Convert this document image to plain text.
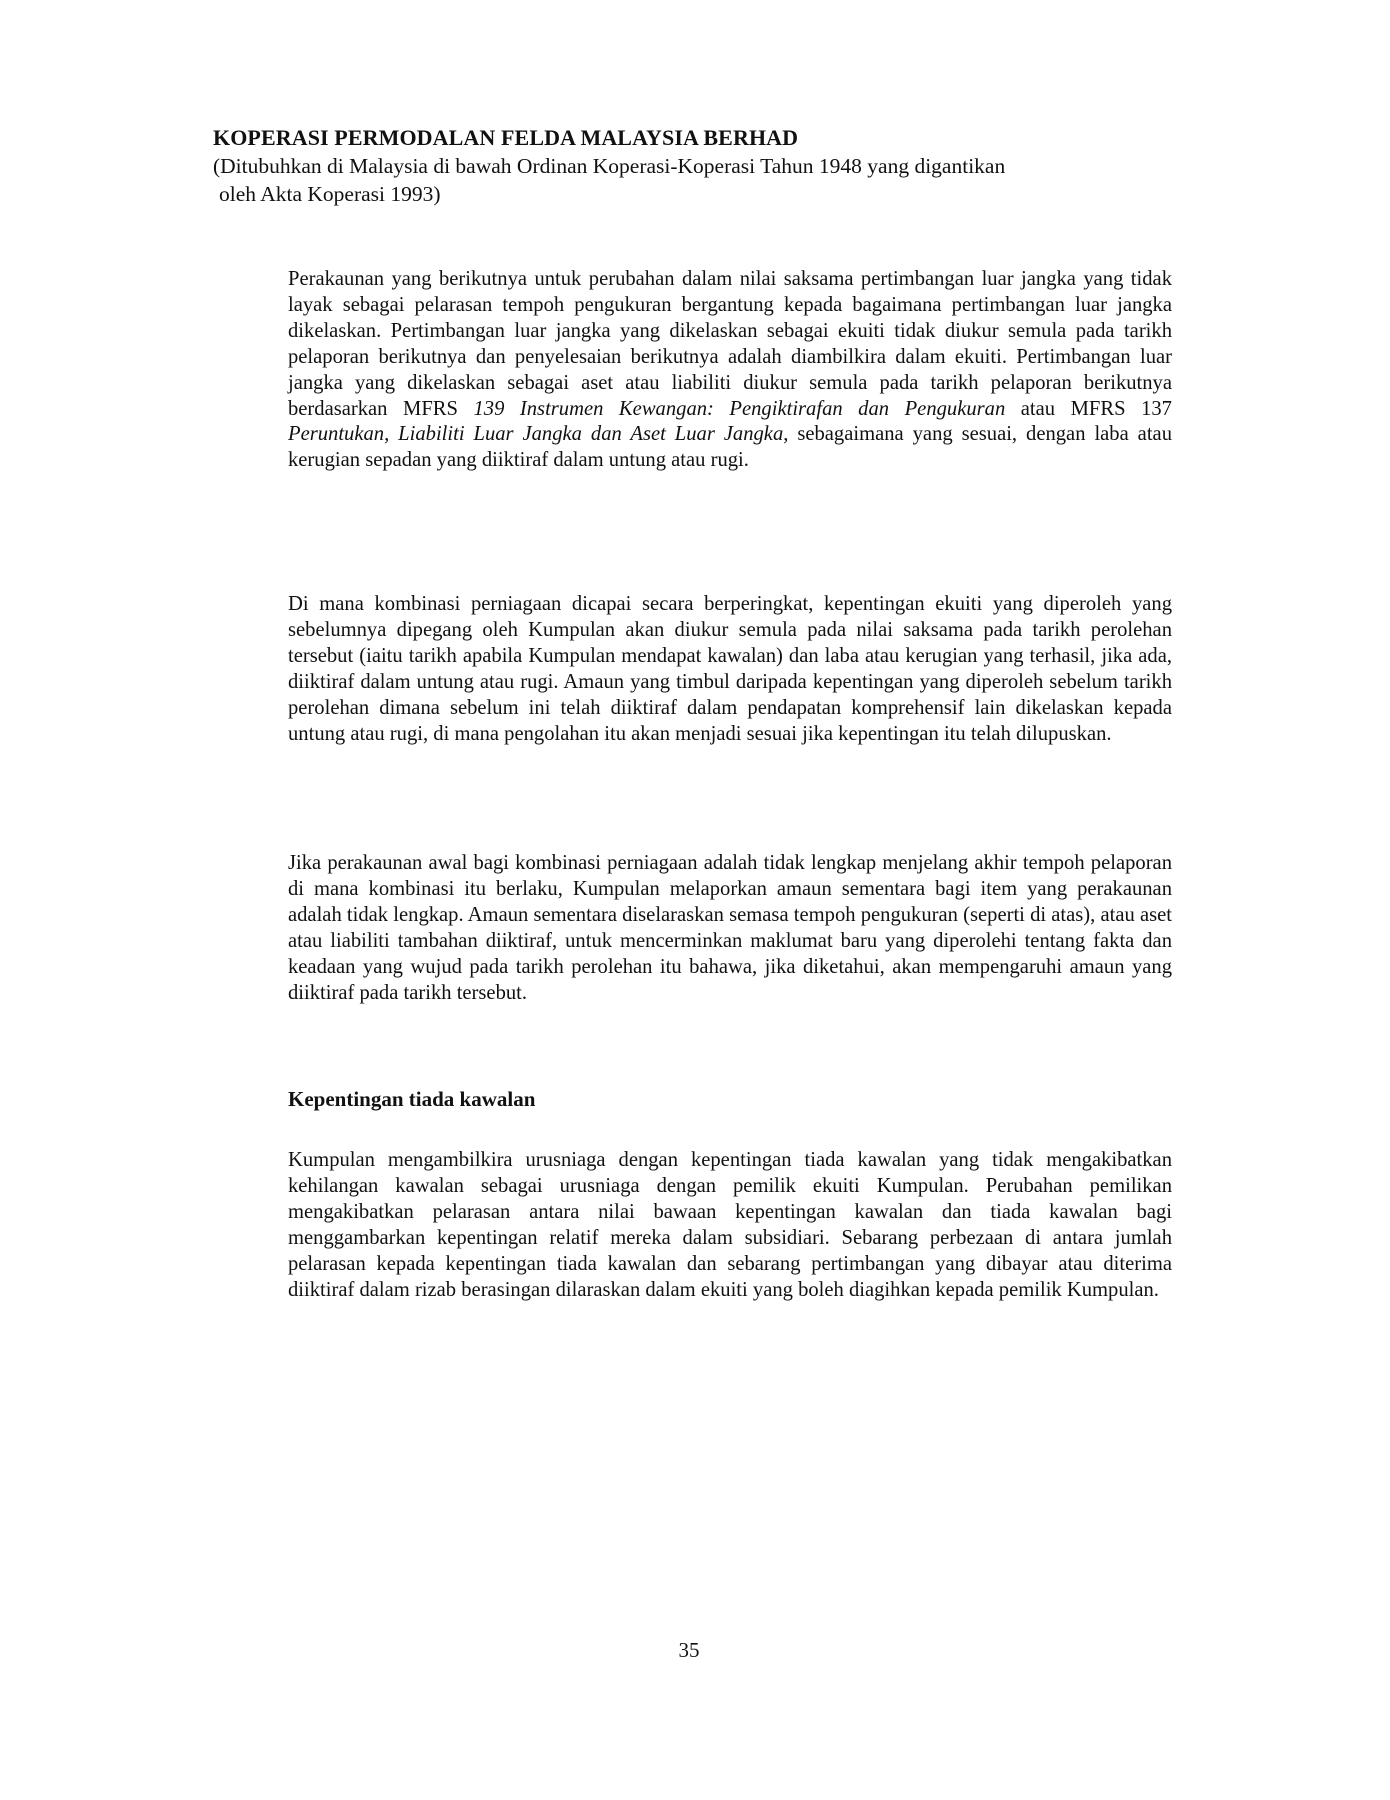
KOPERASI PERMODALAN FELDA MALAYSIA BERHAD
(Ditubuhkan di Malaysia di bawah Ordinan Koperasi-Koperasi Tahun 1948 yang digantikan
oleh Akta Koperasi 1993)

Perakaunan yang berikutnya untuk perubahan dalam nilai saksama pertimbangan luar jangka yang tidak layak sebagai pelarasan tempoh pengukuran bergantung kepada bagaimana pertimbangan luar jangka dikelaskan. Pertimbangan luar jangka yang dikelaskan sebagai ekuiti tidak diukur semula pada tarikh pelaporan berikutnya dan penyelesaian berikutnya adalah diambilkira dalam ekuiti. Pertimbangan luar jangka yang dikelaskan sebagai aset atau liabiliti diukur semula pada tarikh pelaporan berikutnya berdasarkan MFRS 139 Instrumen Kewangan: Pengiktirafan dan Pengukuran atau MFRS 137 Peruntukan, Liabiliti Luar Jangka dan Aset Luar Jangka, sebagaimana yang sesuai, dengan laba atau kerugian sepadan yang diiktiraf dalam untung atau rugi.

Di mana kombinasi perniagaan dicapai secara berperingkat, kepentingan ekuiti yang diperoleh yang sebelumnya dipegang oleh Kumpulan akan diukur semula pada nilai saksama pada tarikh perolehan tersebut (iaitu tarikh apabila Kumpulan mendapat kawalan) dan laba atau kerugian yang terhasil, jika ada, diiktiraf dalam untung atau rugi. Amaun yang timbul daripada kepentingan yang diperoleh sebelum tarikh perolehan dimana sebelum ini telah diiktiraf dalam pendapatan komprehensif lain dikelaskan kepada untung atau rugi, di mana pengolahan itu akan menjadi sesuai jika kepentingan itu telah dilupuskan.

Jika perakaunan awal bagi kombinasi perniagaan adalah tidak lengkap menjelang akhir tempoh pelaporan di mana kombinasi itu berlaku, Kumpulan melaporkan amaun sementara bagi item yang perakaunan adalah tidak lengkap. Amaun sementara diselaraskan semasa tempoh pengukuran (seperti di atas), atau aset atau liabiliti tambahan diiktiraf, untuk mencerminkan maklumat baru yang diperolehi tentang fakta dan keadaan yang wujud pada tarikh perolehan itu bahawa, jika diketahui, akan mempengaruhi amaun yang diiktiraf pada tarikh tersebut.

Kepentingan tiada kawalan

Kumpulan mengambilkira urusniaga dengan kepentingan tiada kawalan yang tidak mengakibatkan kehilangan kawalan sebagai urusniaga dengan pemilik ekuiti Kumpulan. Perubahan pemilikan mengakibatkan pelarasan antara nilai bawaan kepentingan kawalan dan tiada kawalan bagi menggambarkan kepentingan relatif mereka dalam subsidiari. Sebarang perbezaan di antara jumlah pelarasan kepada kepentingan tiada kawalan dan sebarang pertimbangan yang dibayar atau diterima diiktiraf dalam rizab berasingan dilaraskan dalam ekuiti yang boleh diagihkan kepada pemilik Kumpulan.

35
